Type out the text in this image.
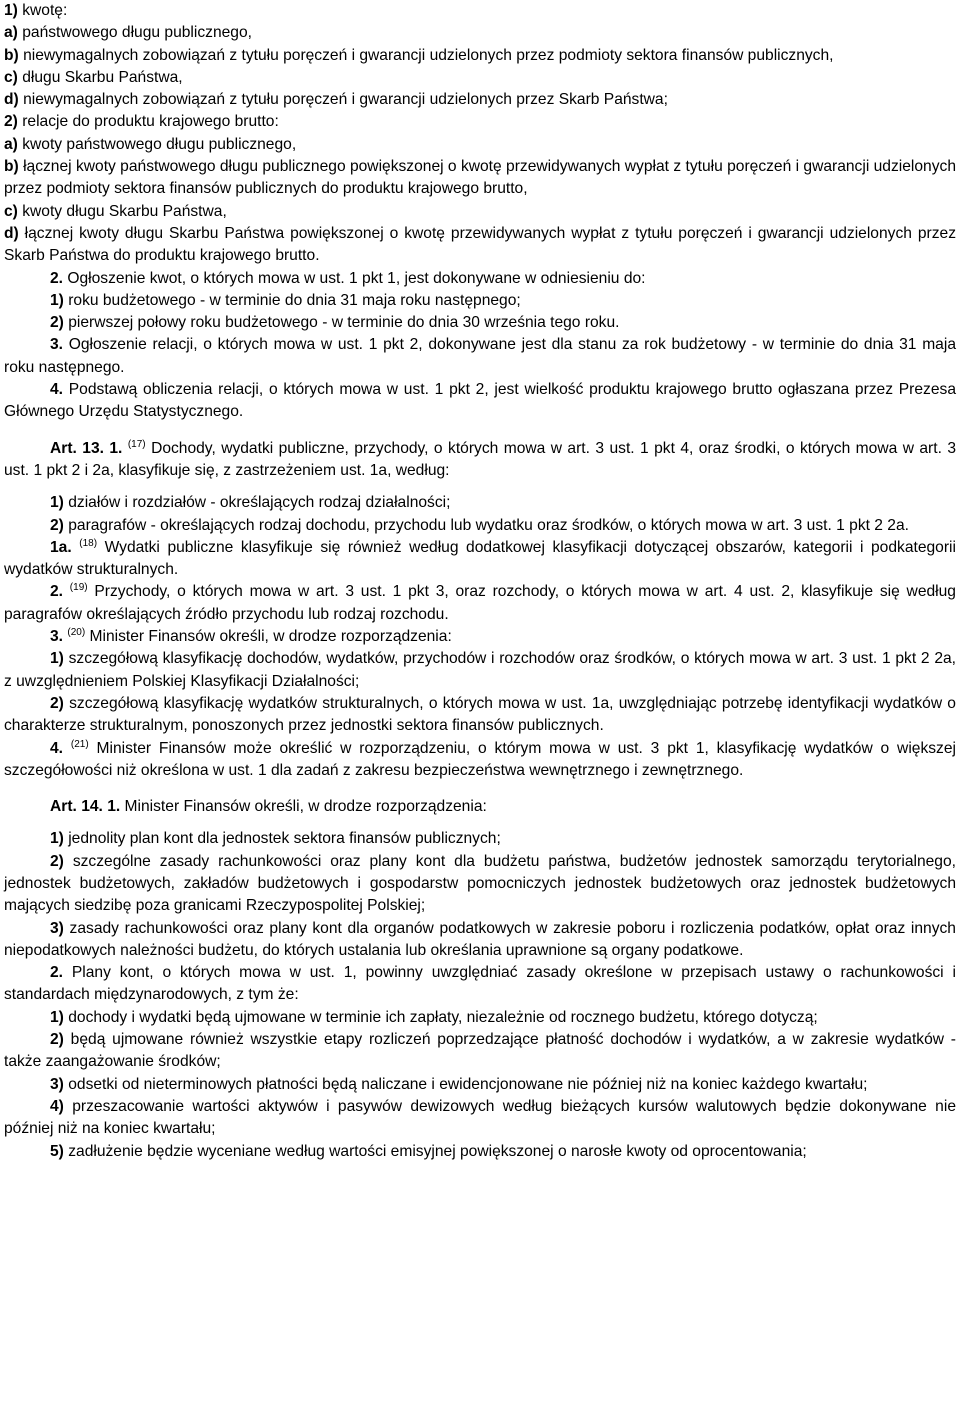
1) kwotę:

a) państwowego długu publicznego,

b) niewymagalnych zobowiązań z tytułu poręczeń i gwarancji udzielonych przez podmioty sektora finansów publicznych,

c) długu Skarbu Państwa,

d) niewymagalnych zobowiązań z tytułu poręczeń i gwarancji udzielonych przez Skarb Państwa;

2) relacje do produktu krajowego brutto:

a) kwoty państwowego długu publicznego,

b) łącznej kwoty państwowego długu publicznego powiększonej o kwotę przewidywanych wypłat z tytułu poręczeń i gwarancji udzielonych przez podmioty sektora finansów publicznych do produktu krajowego brutto,

c) kwoty długu Skarbu Państwa,

d) łącznej kwoty długu Skarbu Państwa powiększonej o kwotę przewidywanych wypłat z tytułu poręczeń i gwarancji udzielonych przez Skarb Państwa do produktu krajowego brutto.

2. Ogłoszenie kwot, o których mowa w ust. 1 pkt 1, jest dokonywane w odniesieniu do:

1) roku budżetowego - w terminie do dnia 31 maja roku następnego;

2) pierwszej połowy roku budżetowego - w terminie do dnia 30 września tego roku.

3. Ogłoszenie relacji, o których mowa w ust. 1 pkt 2, dokonywane jest dla stanu za rok budżetowy - w terminie do dnia 31 maja roku następnego.

4. Podstawą obliczenia relacji, o których mowa w ust. 1 pkt 2, jest wielkość produktu krajowego brutto ogłaszana przez Prezesa Głównego Urzędu Statystycznego.

Art. 13. 1. $^{(17)}$ Dochody, wydatki publiczne, przychody, o których mowa w art. 3 ust. 1 pkt 4, oraz środki, o których mowa w art. 3 ust. 1 pkt 2 i 2a, klasyfikuje się, z zastrzeżeniem ust. 1a, według:

1) działów i rozdziałów - określających rodzaj działalności;

2) paragrafów - określających rodzaj dochodu, przychodu lub wydatku oraz środków, o których mowa w art. 3 ust. 1 pkt 2 2a.

1a. $^{(18)}$ Wydatki publiczne klasyfikuje się również według dodatkowej klasyfikacji dotyczącej obszarów, kategorii i podkategorii wydatków strukturalnych.

2. $^{(19)}$ Przychody, o których mowa w art. 3 ust. 1 pkt 3, oraz rozchody, o których mowa w art. 4 ust. 2, klasyfikuje się według paragrafów określających źródło przychodu lub rodzaj rozchodu.

3. $^{(20)}$ Minister Finansów określi, w drodze rozporządzenia:

1) szczegółową klasyfikację dochodów, wydatków, przychodów i rozchodów oraz środków, o których mowa w art. 3 ust. 1 pkt 2 2a, z uwzględnieniem Polskiej Klasyfikacji Działalności;

2) szczegółową klasyfikację wydatków strukturalnych, o których mowa w ust. 1a, uwzględniając potrzebę identyfikacji wydatków o charakterze strukturalnym, ponoszonych przez jednostki sektora finansów publicznych.

4. $^{(21)}$ Minister Finansów może określić w rozporządzeniu, o którym mowa w ust. 3 pkt 1, klasyfikację wydatków o większej szczegółowości niż określona w ust. 1 dla zadań z zakresu bezpieczeństwa wewnętrznego i zewnętrznego.

Art. 14. 1. Minister Finansów określi, w drodze rozporządzenia:

1) jednolity plan kont dla jednostek sektora finansów publicznych;

2) szczególne zasady rachunkowości oraz plany kont dla budżetu państwa, budżetów jednostek samorządu terytorialnego, jednostek budżetowych, zakładów budżetowych i gospodarstw pomocniczych jednostek budżetowych oraz jednostek budżetowych mających siedzibę poza granicami Rzeczypospolitej Polskiej;

3) zasady rachunkowości oraz plany kont dla organów podatkowych w zakresie poboru i rozliczenia podatków, opłat oraz innych niepodatkowych należności budżetu, do których ustalania lub określania uprawnione są organy podatkowe.

2. Plany kont, o których mowa w ust. 1, powinny uwzględniać zasady określone w przepisach ustawy o rachunkowości i standardach międzynarodowych, z tym że:

1) dochody i wydatki będą ujmowane w terminie ich zapłaty, niezależnie od rocznego budżetu, którego dotyczą;

2) będą ujmowane również wszystkie etapy rozliczeń poprzedzające płatność dochodów i wydatków, a w zakresie wydatków - także zaangażowanie środków;

3) odsetki od nieterminowych płatności będą naliczane i ewidencjonowane nie później niż na koniec każdego kwartału;

4) przeszacowanie wartości aktywów i pasywów dewizowych według bieżących kursów walutowych będzie dokonywane nie później niż na koniec kwartału;

5) zadłużenie będzie wyceniane według wartości emisyjnej powiększonej o narosłe kwoty od oprocentowania;
